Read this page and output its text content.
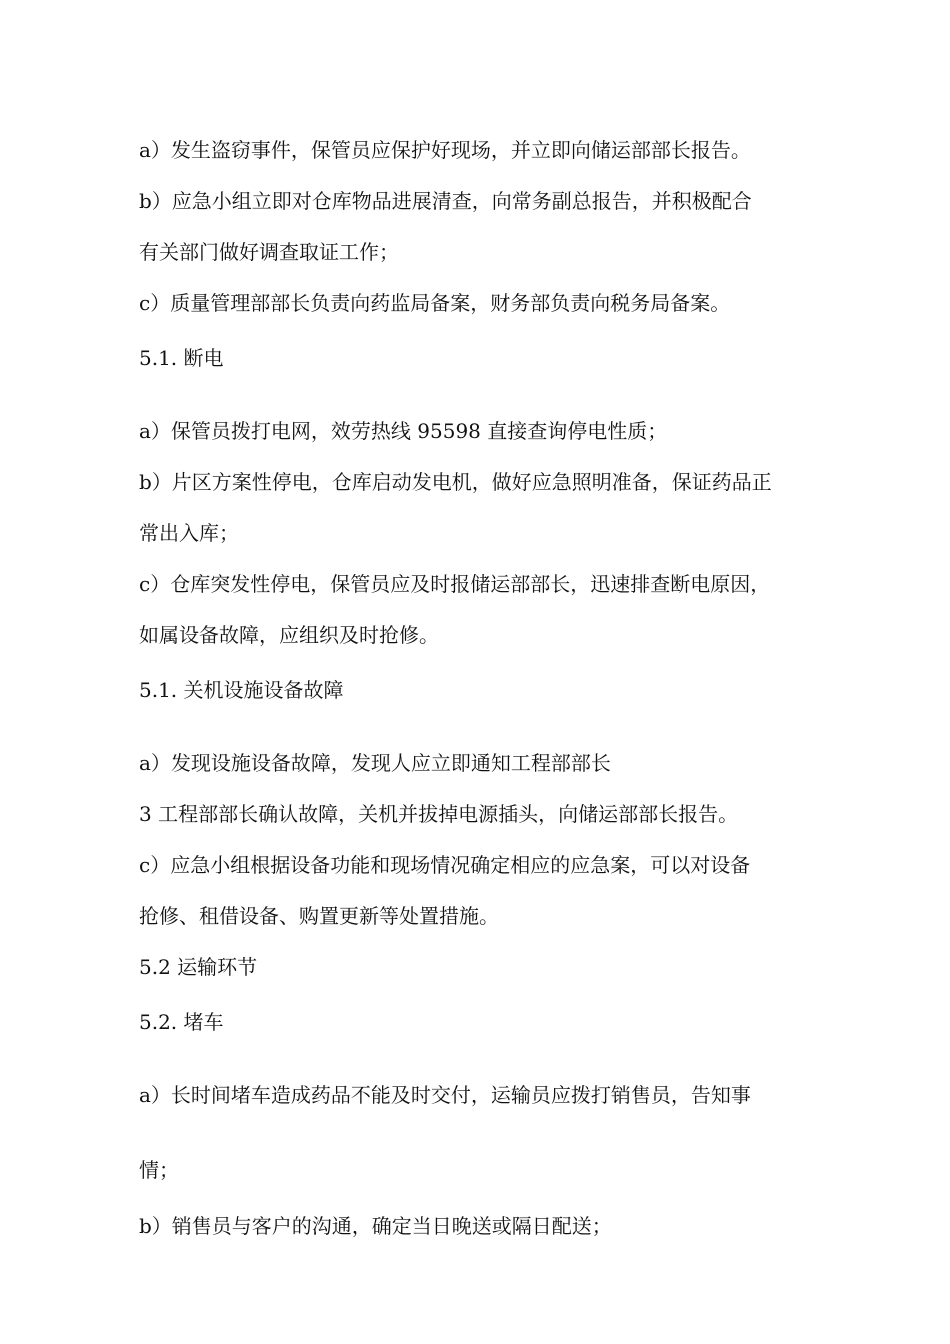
a）发生盗窃事件，保管员应保护好现场，并立即向储运部部长报告。

b）应急小组立即对仓库物品进展清查，向常务副总报告，并积极配合

有关部门做好调查取证工作；

c）质量管理部部长负责向药监局备案，财务部负责向税务局备案。

5.1. 断电

a）保管员拨打电网，效劳热线 95598 直接查询停电性质；

b）片区方案性停电，仓库启动发电机，做好应急照明准备，保证药品正

常出入库；

c）仓库突发性停电，保管员应及时报储运部部长，迅速排查断电原因，

如属设备故障，应组织及时抢修。

5.1. 关机设施设备故障

a）发现设施设备故障，发现人应立即通知工程部部长

3 工程部部长确认故障，关机并拔掉电源插头，向储运部部长报告。

c）应急小组根据设备功能和现场情况确定相应的应急案，可以对设备

抢修、租借设备、购置更新等处置措施。

5.2 运输环节

5.2. 堵车

a）长时间堵车造成药品不能及时交付，运输员应拨打销售员，告知事

情；

b）销售员与客户的沟通，确定当日晚送或隔日配送；
